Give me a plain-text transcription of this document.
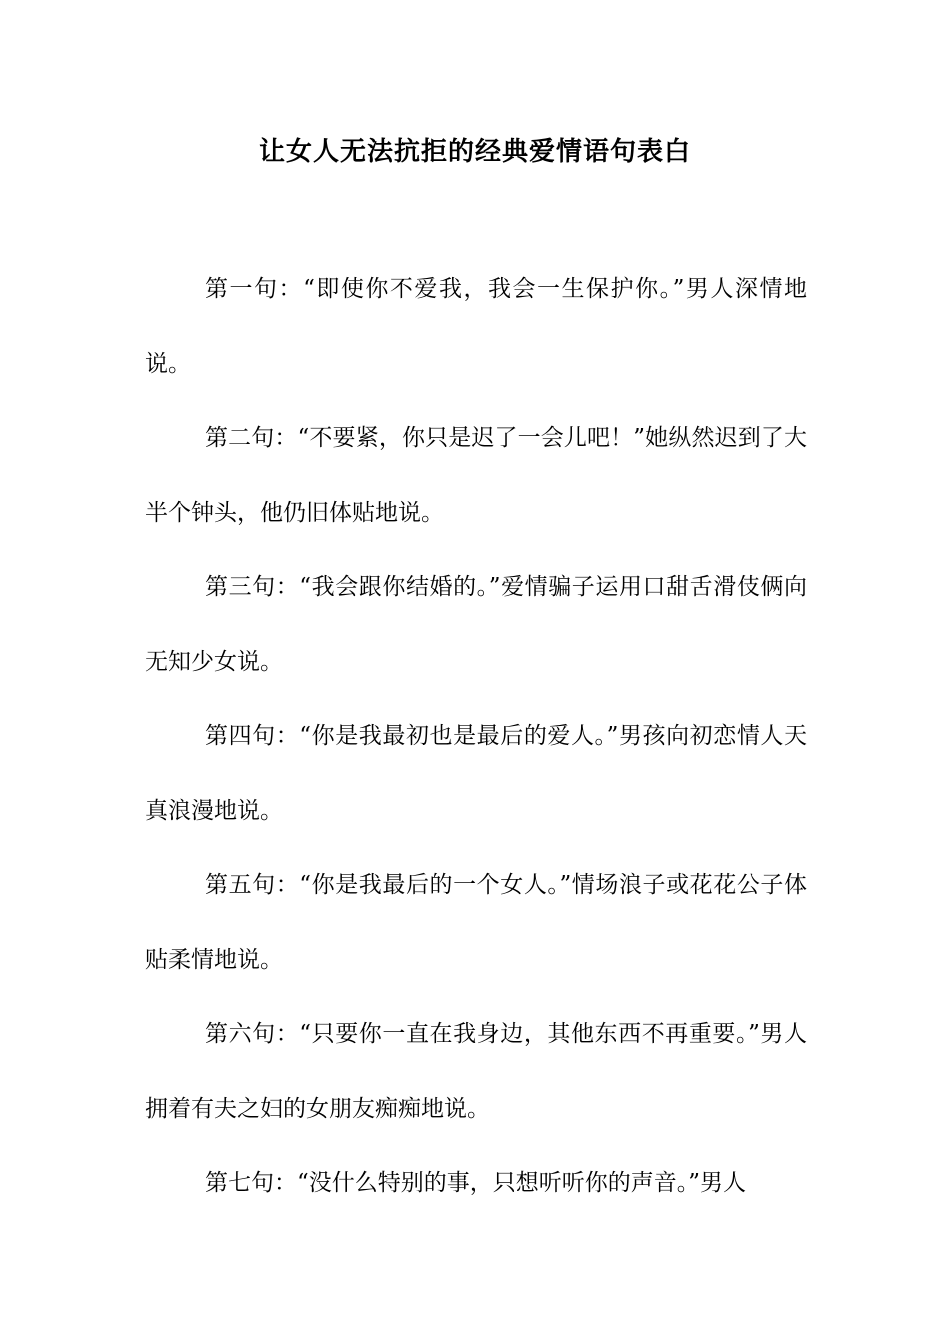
让女人无法抗拒的经典爱情语句表白

第一句：“即使你不爱我，我会一生保护你。”男人深情地说。

第二句：“不要紧，你只是迟了一会儿吧！”她纵然迟到了大半个钟头，他仍旧体贴地说。

第三句：“我会跟你结婚的。”爱情骗子运用口甜舌滑伎俩向无知少女说。

第四句：“你是我最初也是最后的爱人。”男孩向初恋情人天真浪漫地说。

第五句：“你是我最后的一个女人。”情场浪子或花花公子体贴柔情地说。

第六句：“只要你一直在我身边，其他东西不再重要。”男人拥着有夫之妇的女朋友痴痴地说。

第七句：“没什么特别的事，只想听听你的声音。”男人
